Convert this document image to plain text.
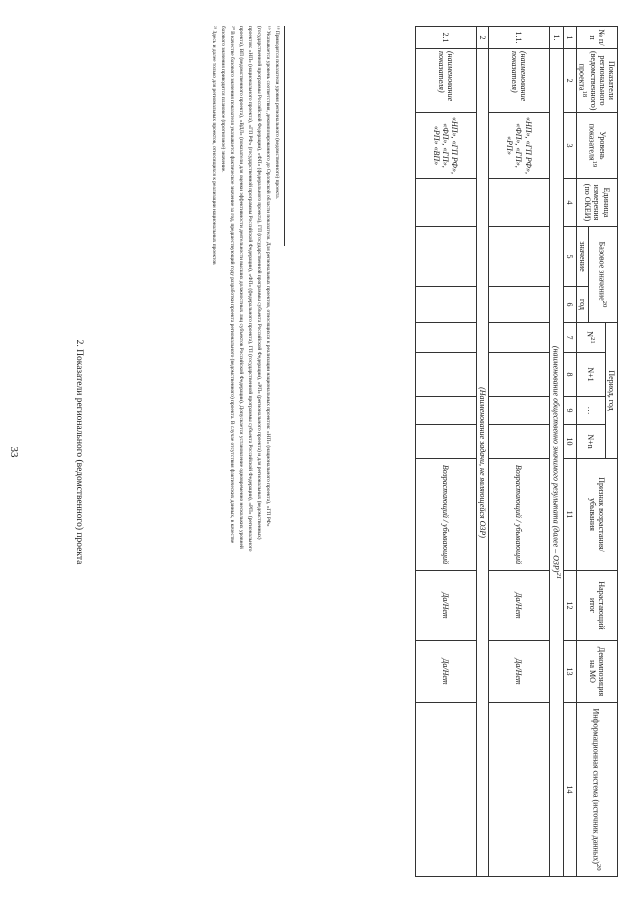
33
№ п/п	Показатели регионального (ведомственного) проекта$^{18}$	Уровень показателя$^{19}$	Единица измерения (по ОКЕИ)	Базовое значение$^{20}$		Период, год				Признак возрастания/убывания	Нарастающий итог	Декомпозиция на МО	Информационная система (источник данных)$^{20}$
						$N^{21}$	N+1	…	N+n				
				значение	год								
1	2	3	4	5	6	7	8	9	10	11	12	13	14
1.	(наименование общественно значимого результата (далее – ОЗР)$^{21}$
1.1.	(наименование показателя)	«НП», «ГП РФ», «ФП», «ГП», «РП»								Возрастающий / убывающий	Да/Нет	Да/Нет	
2	(Наименование задачи, не являющейся ОЗР)												
2.1	(наименование показателя)	«НП», «ГП РФ», «ФП», «ГП», «РП» «ВП»								Возрастающий / убывающий	Да/Нет	Да/Нет	
¹⁸ Приводятся показатели уровня регионального (ведомственного) проекта.
¹⁹ Указывается уровень соответствия, декомпозированного до Орловской области показателя. Для региональных проектов, относящихся к реализации национальных проектов: «НП» (национального проекта), «ГП РФ»
(государственной программы Российской Федерации), «ФП» (федерального проекта), ГП (государственной программы субъекта Российской Федерации), «РП» (регионального проекта) и для региональных (ведомственных)
проектов: «НП» (национального проекта), «ГП РФ» (государственной программы Российской Федерации), «ФП» (федерального проекта), ГП (государственной программы субъекта Российской Федерации), «РП» (регионального
проекта), ВП (ведомственного проекта), «ВДЛ» (показатели для оценки эффективности деятельности высших должностных лиц субъектов Российской Федерации). Допускается установление одновременно нескольких уровней
²⁰ В качестве базового значения показателя указывается фактическое значение за год, предшествующий году разработки проекта регионального (ведомственного) проекта. В случае отсутствия фактических данных, в качестве
базового значения приводится плановое (прогнозное) значение.
²¹ Здесь и далее только для региональных проектов, относящихся к реализации национальных проектов
2. Показатели регионального (ведомственного) проекта
